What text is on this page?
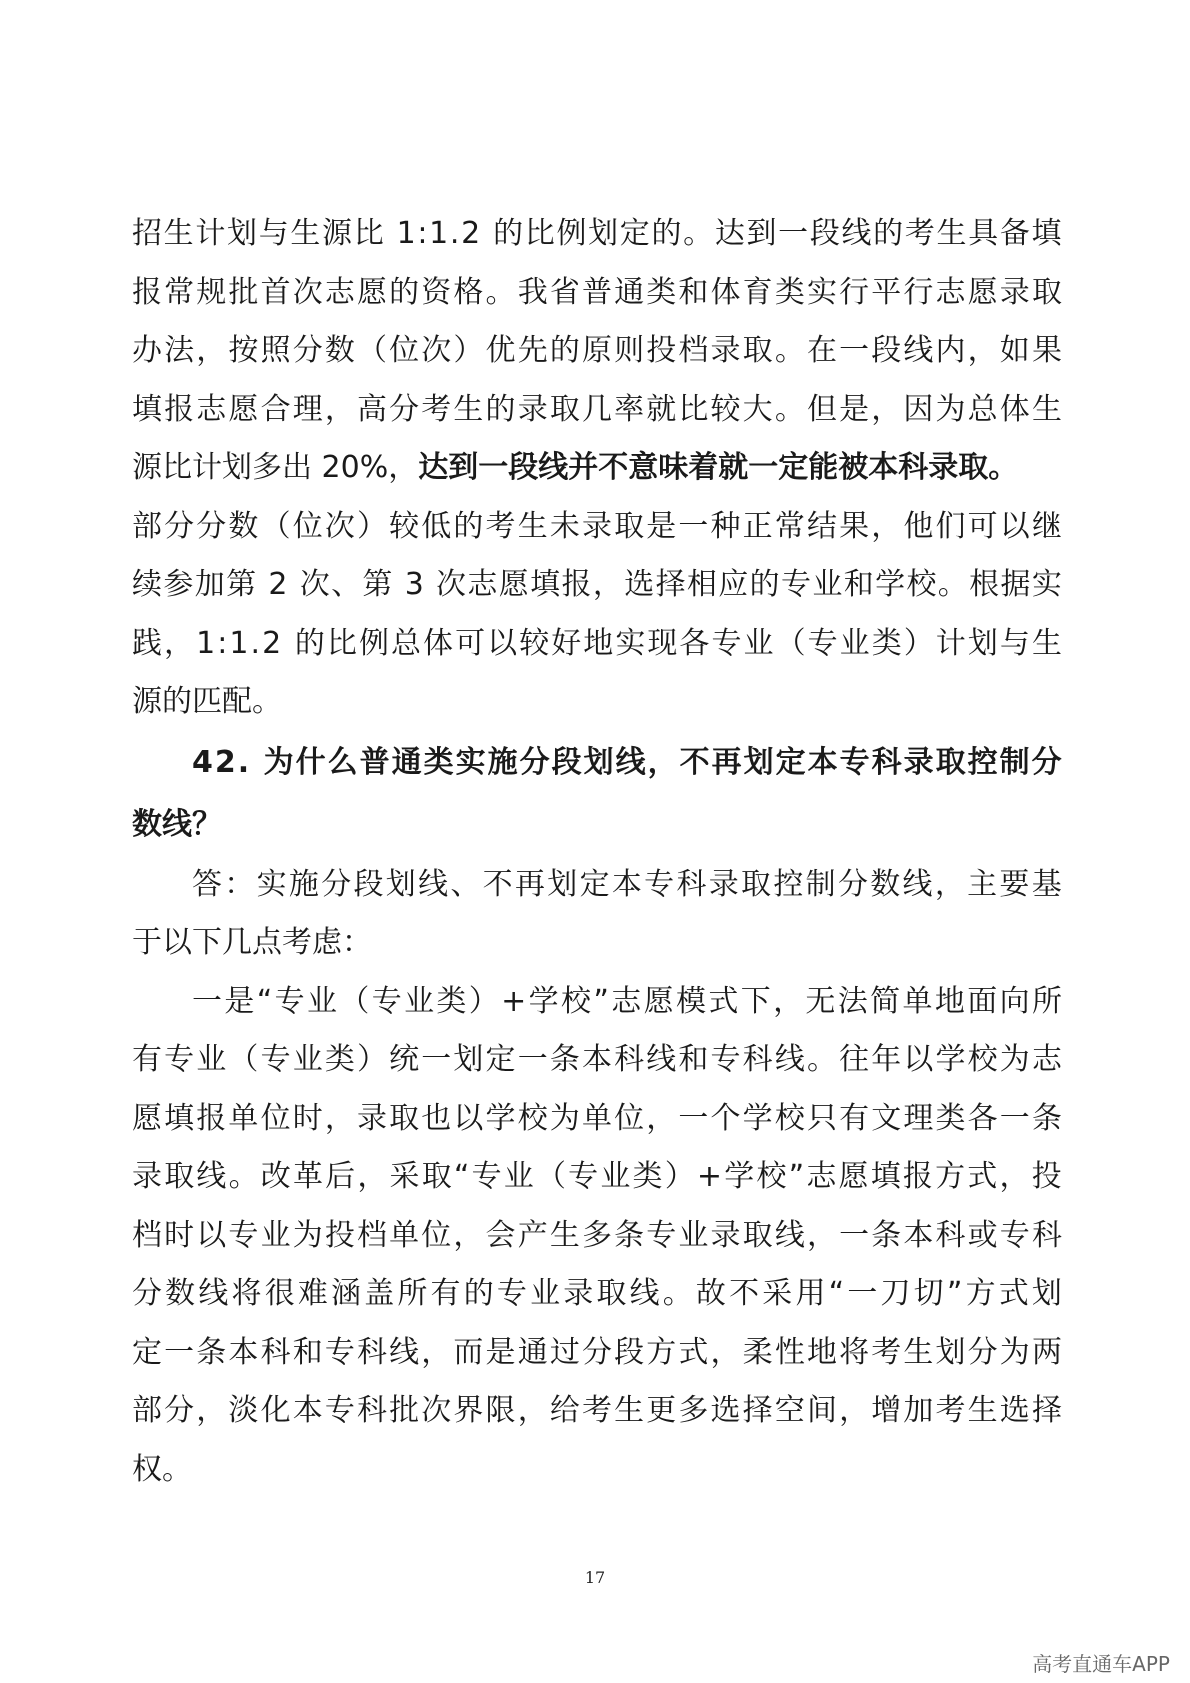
招 生 计 划 与 生 源 比
1 : 1 . 2
的 比 例 划 定 的 。 达 到 一 段 线 的 考 生 具 备 填
报 常 规 批 首 次 志 愿 的 资 格 。 我 省 普 通 类 和 体 育 类 实 行 平 行 志 愿 录 取
办 法 ， 按 照 分 数 （ 位 次 ） 优 先 的 原 则 投 档 录 取 。 在 一 段 线 内 ， 如 果
填 报 志 愿 合 理 ， 高 分 考 生 的 录 取 几 率 就 比 较 大 。 但 是 ， 因 为 总 体 生
源比计划多出 20%， 达到一段线并不意味着就一定能被本科录取。
部 分 分 数 （ 位 次 ） 较 低 的 考 生 未 录 取 是 一 种 正 常 结 果 ， 他 们 可 以 继
续 参 加 第
2
次 、 第
3
次 志 愿 填 报 ， 选 择 相 应 的 专 业 和 学 校 。 根 据 实
践 ， 1 : 1 . 2
的 比 例 总 体 可 以 较 好 地 实 现 各 专 业 （ 专 业 类 ） 计 划 与 生
源的匹配。
4 2 .
为 什 么 普 通 类 实 施 分 段 划 线 ， 不 再 划 定 本 专 科 录 取 控 制 分
数线？
答 ： 实 施 分 段 划 线 、 不 再 划 定 本 专 科 录 取 控 制 分 数 线 ， 主 要 基
于以下几点考虑：
一 是 “ 专 业 （ 专 业 类 ） + 学 校 ” 志 愿 模 式 下 ， 无 法 简 单 地 面 向 所
有 专 业 （ 专 业 类 ） 统 一 划 定 一 条 本 科 线 和 专 科 线 。 往 年 以 学 校 为 志
愿 填 报 单 位 时 ， 录 取 也 以 学 校 为 单 位 ， 一 个 学 校 只 有 文 理 类 各 一 条
录 取 线 。 改 革 后 ， 采 取 “ 专 业 （ 专 业 类 ） + 学 校 ” 志 愿 填 报 方 式 ， 投
档 时 以 专 业 为 投 档 单 位 ， 会 产 生 多 条 专 业 录 取 线 ， 一 条 本 科 或 专 科
分 数 线 将 很 难 涵 盖 所 有 的 专 业 录 取 线 。 故 不 采 用 “ 一 刀 切 ” 方 式 划
定 一 条 本 科 和 专 科 线 ， 而 是 通 过 分 段 方 式 ， 柔 性 地 将 考 生 划 分 为 两
部 分 ， 淡 化 本 专 科 批 次 界 限 ， 给 考 生 更 多 选 择 空 间 ， 增 加 考 生 选 择
权。
17
高考直通车APP
